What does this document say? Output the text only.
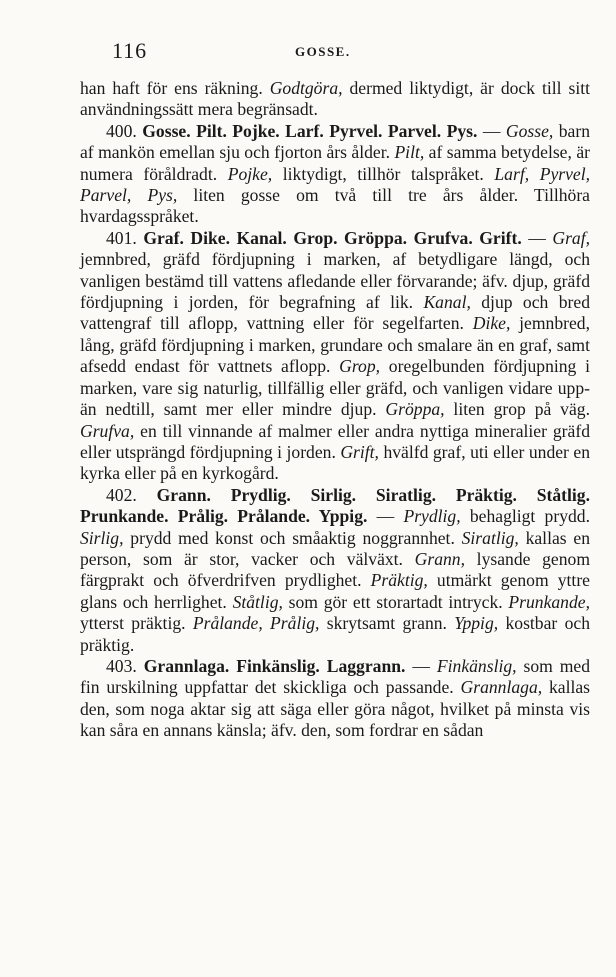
116	GOSSE.

han haft för ens räkning. Godtgöra, dermed liktydigt, är dock till sitt användningssätt mera begränsadt.

400. Gosse. Pilt. Pojke. Larf. Pyrvel. Parvel. Pys. — Gosse, barn af mankön emellan sju och fjorton års ålder. Pilt, af samma betydelse, är numera föråldradt. Pojke, liktydigt, tillhör talspråket. Larf, Pyrvel, Parvel, Pys, liten gosse om två till tre års ålder. Tillhöra hvardagsspråket.

401. Graf. Dike. Kanal. Grop. Gröppa. Grufva. Grift. — Graf, jemnbred, gräfd fördjupning i marken, af betydligare längd, och vanligen bestämd till vattens afledande eller förvarande; äfv. djup, gräfd fördjupning i jorden, för begrafning af lik. Kanal, djup och bred vattengraf till aflopp, vattning eller för segelfarten. Dike, jemnbred, lång, gräfd fördjupning i marken, grundare och smalare än en graf, samt afsedd endast för vattnets aflopp. Grop, oregelbunden fördjupning i marken, vare sig naturlig, tillfällig eller gräfd, och vanligen vidare upp- än nedtill, samt mer eller mindre djup. Gröppa, liten grop på väg. Grufva, en till vinnande af malmer eller andra nyttiga mineralier gräfd eller utsprängd fördjupning i jorden. Grift, hvälfd graf, uti eller under en kyrka eller på en kyrkogård.

402. Grann. Prydlig. Sirlig. Siratlig. Präktig. Ståtlig. Prunkande. Prålig. Prålande. Yppig. — Prydlig, behagligt prydd. Sirlig, prydd med konst och småaktig noggrannhet. Siratlig, kallas en person, som är stor, vacker och välväxt. Grann, lysande genom färgprakt och öfverdrifven prydlighet. Präktig, utmärkt genom yttre glans och herrlighet. Ståtlig, som gör ett storartadt intryck. Prunkande, ytterst präktig. Prålande, Prålig, skrytsamt grann. Yppig, kostbar och präktig.

403. Grannlaga. Finkänslig. Laggrann. — Finkänslig, som med fin urskilning uppfattar det skickliga och passande. Grannlaga, kallas den, som noga aktar sig att säga eller göra något, hvilket på minsta vis kan såra en annans känsla; äfv. den, som fordrar en sådan
